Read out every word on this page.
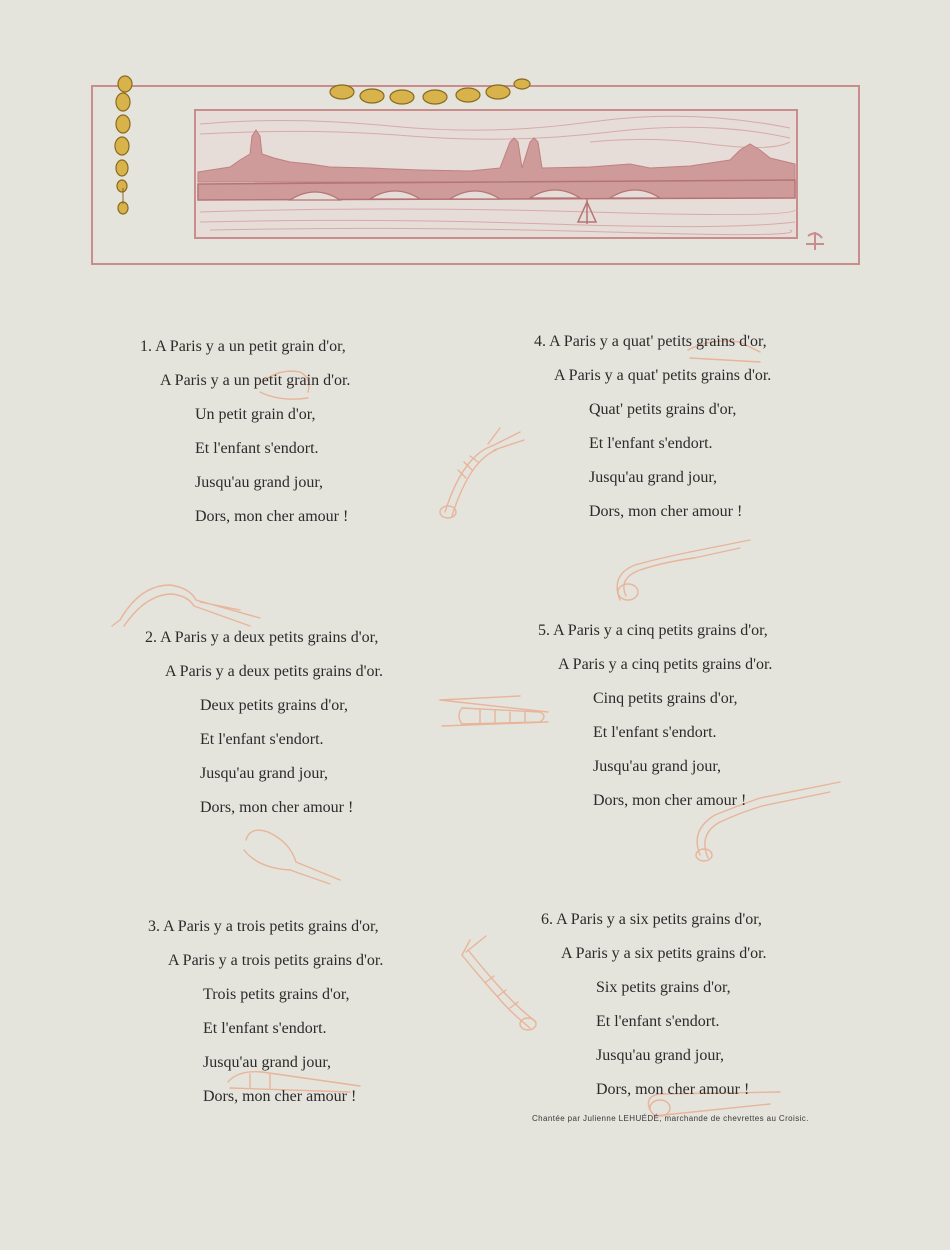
1. A Paris y a un petit grain d'or,
A Paris y a un petit grain d'or.
Un petit grain d'or,
Et l'enfant s'endort.
Jusqu'au grand jour,
Dors, mon cher amour !
2. A Paris y a deux petits grains d'or,
A Paris y a deux petits grains d'or.
Deux petits grains d'or,
Et l'enfant s'endort.
Jusqu'au grand jour,
Dors, mon cher amour !
3. A Paris y a trois petits grains d'or,
A Paris y a trois petits grains d'or.
Trois petits grains d'or,
Et l'enfant s'endort.
Jusqu'au grand jour,
Dors, mon cher amour !
4. A Paris y a quat' petits grains d'or,
A Paris y a quat' petits grains d'or.
Quat' petits grains d'or,
Et l'enfant s'endort.
Jusqu'au grand jour,
Dors, mon cher amour !
5. A Paris y a cinq petits grains d'or,
A Paris y a cinq petits grains d'or.
Cinq petits grains d'or,
Et l'enfant s'endort.
Jusqu'au grand jour,
Dors, mon cher amour !
6. A Paris y a six petits grains d'or,
A Paris y a six petits grains d'or.
Six petits grains d'or,
Et l'enfant s'endort.
Jusqu'au grand jour,
Dors, mon cher amour !
Chantée par Julienne LEHUÉDÉ, marchande de chevrettes au Croisic.
